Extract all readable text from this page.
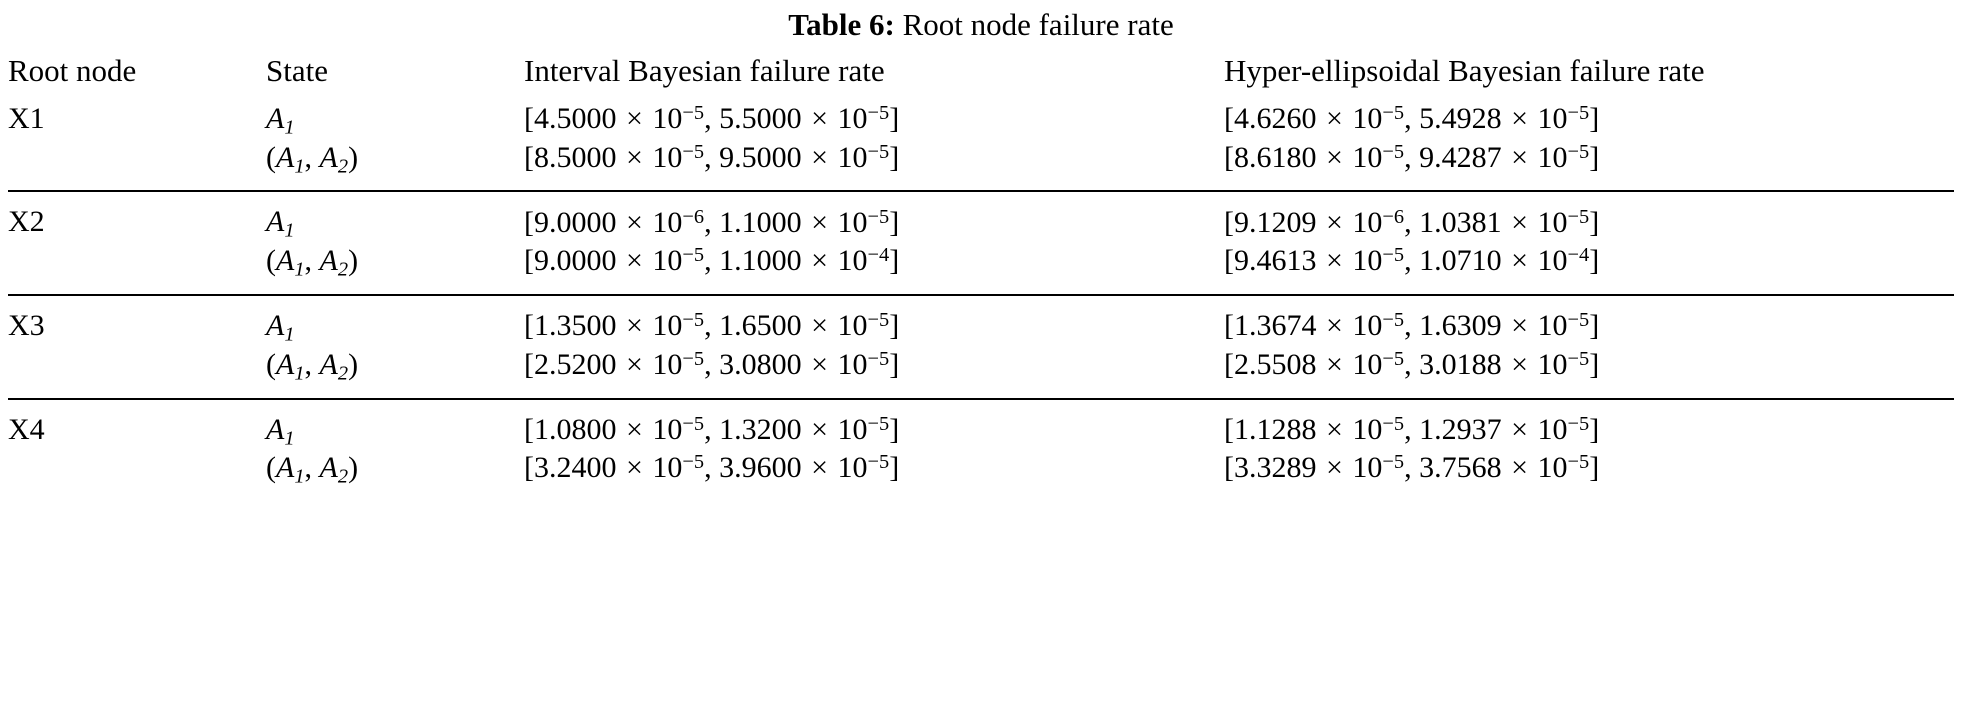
Table 6: Root node failure rate

Root node	State	Interval Bayesian failure rate	Hyper-ellipsoidal Bayesian failure rate

X1	$A_1$	[$4.5000 \times 10^{-5}$, $5.5000 \times 10^{-5}$]	[$4.6260 \times 10^{-5}$, $5.4928 \times 10^{-5}$]
	($A_1$, $A_2$)	[$8.5000 \times 10^{-5}$, $9.5000 \times 10^{-5}$]	[$8.6180 \times 10^{-5}$, $9.4287 \times 10^{-5}$]

X2	$A_1$	[$9.0000 \times 10^{-6}$, $1.1000 \times 10^{-5}$]	[$9.1209 \times 10^{-6}$, $1.0381 \times 10^{-5}$]
	($A_1$, $A_2$)	[$9.0000 \times 10^{-5}$, $1.1000 \times 10^{-4}$]	[$9.4613 \times 10^{-5}$, $1.0710 \times 10^{-4}$]

X3	$A_1$	[$1.3500 \times 10^{-5}$, $1.6500 \times 10^{-5}$]	[$1.3674 \times 10^{-5}$, $1.6309 \times 10^{-5}$]
	($A_1$, $A_2$)	[$2.5200 \times 10^{-5}$, $3.0800 \times 10^{-5}$]	[$2.5508 \times 10^{-5}$, $3.0188 \times 10^{-5}$]

X4	$A_1$	[$1.0800 \times 10^{-5}$, $1.3200 \times 10^{-5}$]	[$1.1288 \times 10^{-5}$, $1.2937 \times 10^{-5}$]
	($A_1$, $A_2$)	[$3.2400 \times 10^{-5}$, $3.9600 \times 10^{-5}$]	[$3.3289 \times 10^{-5}$, $3.7568 \times 10^{-5}$]
